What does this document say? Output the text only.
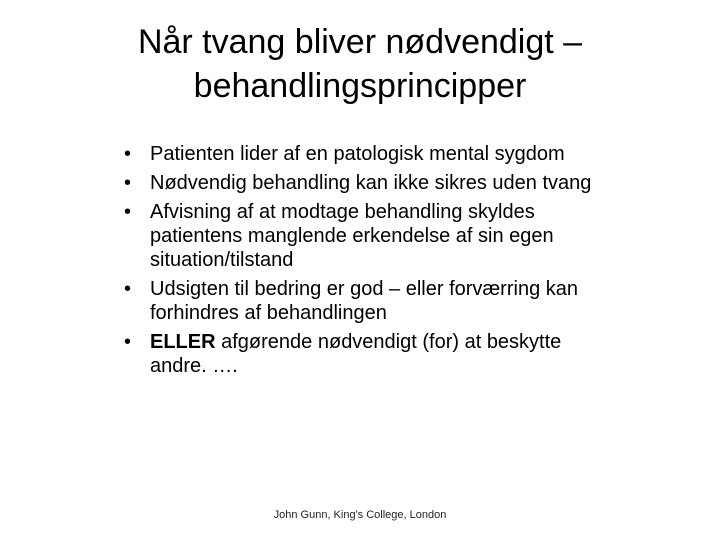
Når tvang bliver nødvendigt –
behandlingsprincipper
• Patienten lider af en patologisk mental sygdom
• Nødvendig behandling kan ikke sikres uden tvang
• Afvisning af at modtage behandling skyldes patientens manglende erkendelse af sin egen situation/tilstand
• Udsigten til bedring er god – eller forværring kan forhindres af behandlingen
• ELLER afgørende nødvendigt (for) at beskytte andre. ….
John Gunn, King's College, London
